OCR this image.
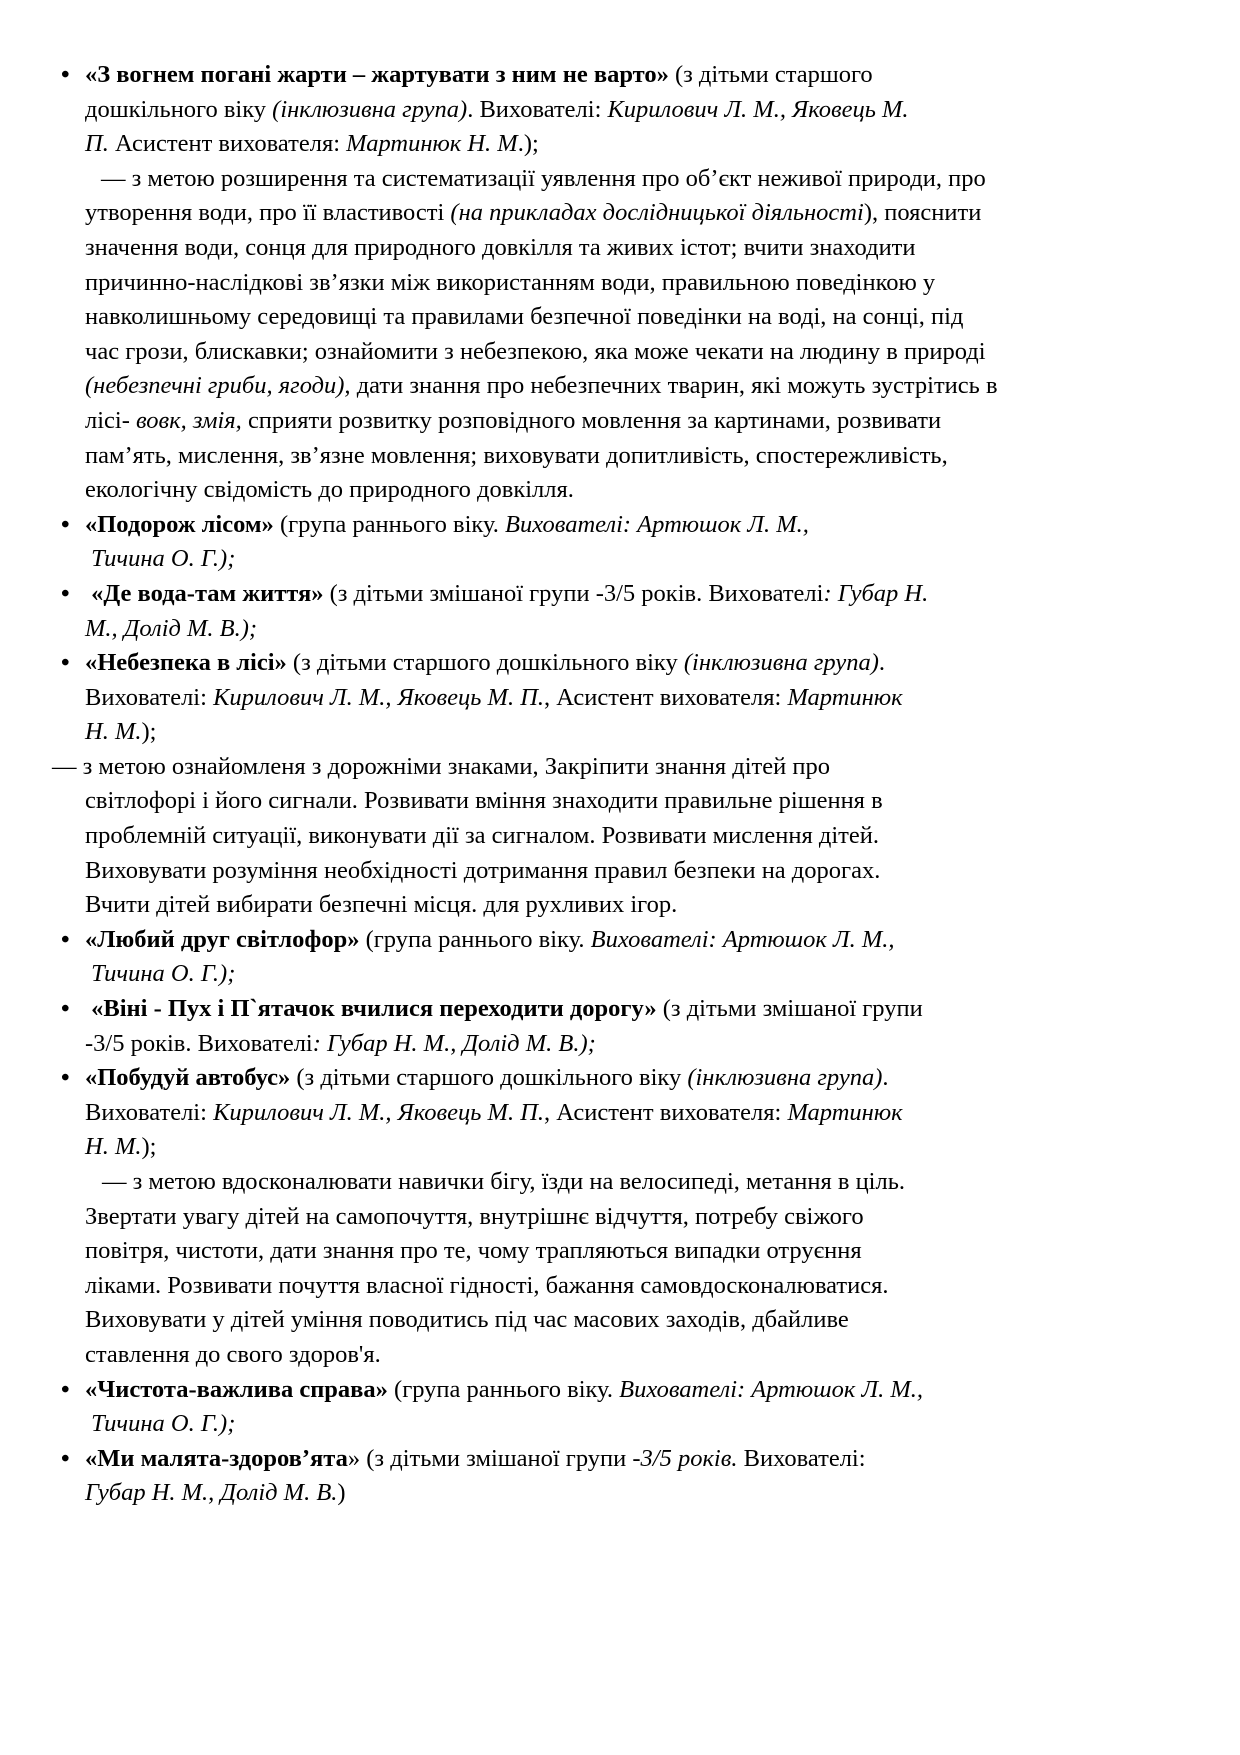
• «З вогнем погані жарти – жартувати з ним не варто» (з дітьми старшого
дошкільного віку (інклюзивна група). Вихователі: Кирилович Л. М., Яковець М.
П. Асистент вихователя: Мартинюк Н. М.);

— з метою розширення та систематизації уявлення про об’єкт неживої природи, про
утворення води, про її властивості (на прикладах дослідницької діяльності), пояснити
значення води, сонця для природного довкілля та живих істот; вчити знаходити
причинно-наслідкові зв’язки між використанням води, правильною поведінкою у
навколишньому середовищі та правилами безпечної поведінки на воді, на сонці, під
час грози, блискавки; ознайомити з небезпекою, яка може чекати на людину в природі
(небезпечні гриби, ягоди), дати знання про небезпечних тварин, які можуть зустрітись в
лісі- вовк, змія, сприяти розвитку розповідного мовлення за картинами, розвивати
пам’ять, мислення, зв’язне мовлення; виховувати допитливість, спостережливість,
екологічну свідомість до природного довкілля.

• «Подорож лісом» (група раннього віку. Вихователі: Артюшок Л. М.,
Тичина О. Г.);
• «Де вода-там життя» (з дітьми змішаної групи -3/5 років. Вихователі: Губар Н.
М., Долід М. В.);
• «Небезпека в лісі» (з дітьми старшого дошкільного віку (інклюзивна група).
Вихователі: Кирилович Л. М., Яковець М. П., Асистент вихователя: Мартинюк
Н. М.);

— з метою ознайомленя з дорожніми знаками, Закріпити знання дітей про
світлофорі і його сигнали. Розвивати вміння знаходити правильне рішення в
проблемній ситуації, виконувати дії за сигналом. Розвивати мислення дітей.
Виховувати розуміння необхідності дотримання правил безпеки на дорогах.
Вчити дітей вибирати безпечні місця. для рухливих ігор.

• «Любий друг світлофор» (група раннього віку. Вихователі: Артюшок Л. М.,
Тичина О. Г.);
• «Віні - Пух і П`ятачок вчилися переходити дорогу» (з дітьми змішаної групи
-3/5 років. Вихователі: Губар Н. М., Долід М. В.);
• «Побудуй автобус» (з дітьми старшого дошкільного віку (інклюзивна група).
Вихователі: Кирилович Л. М., Яковець М. П., Асистент вихователя: Мартинюк
Н. М.);

— з метою вдосконалювати навички бігу, їзди на велосипеді, метання в ціль.
Звертати увагу дітей на самопочуття, внутрішнє відчуття, потребу свіжого
повітря, чистоти, дати знання про те, чому трапляються випадки отруєння
ліками. Розвивати почуття власної гідності, бажання самовдосконалюватися.
Виховувати у дітей уміння поводитись під час масових заходів, дбайливе
ставлення до свого здоров'я.

• «Чистота-важлива справа» (група раннього віку. Вихователі: Артюшок Л. М.,
Тичина О. Г.);
• «Ми малята-здоров’ята» (з дітьми змішаної групи -3/5 років. Вихователі:
Губар Н. М., Долід М. В.)
